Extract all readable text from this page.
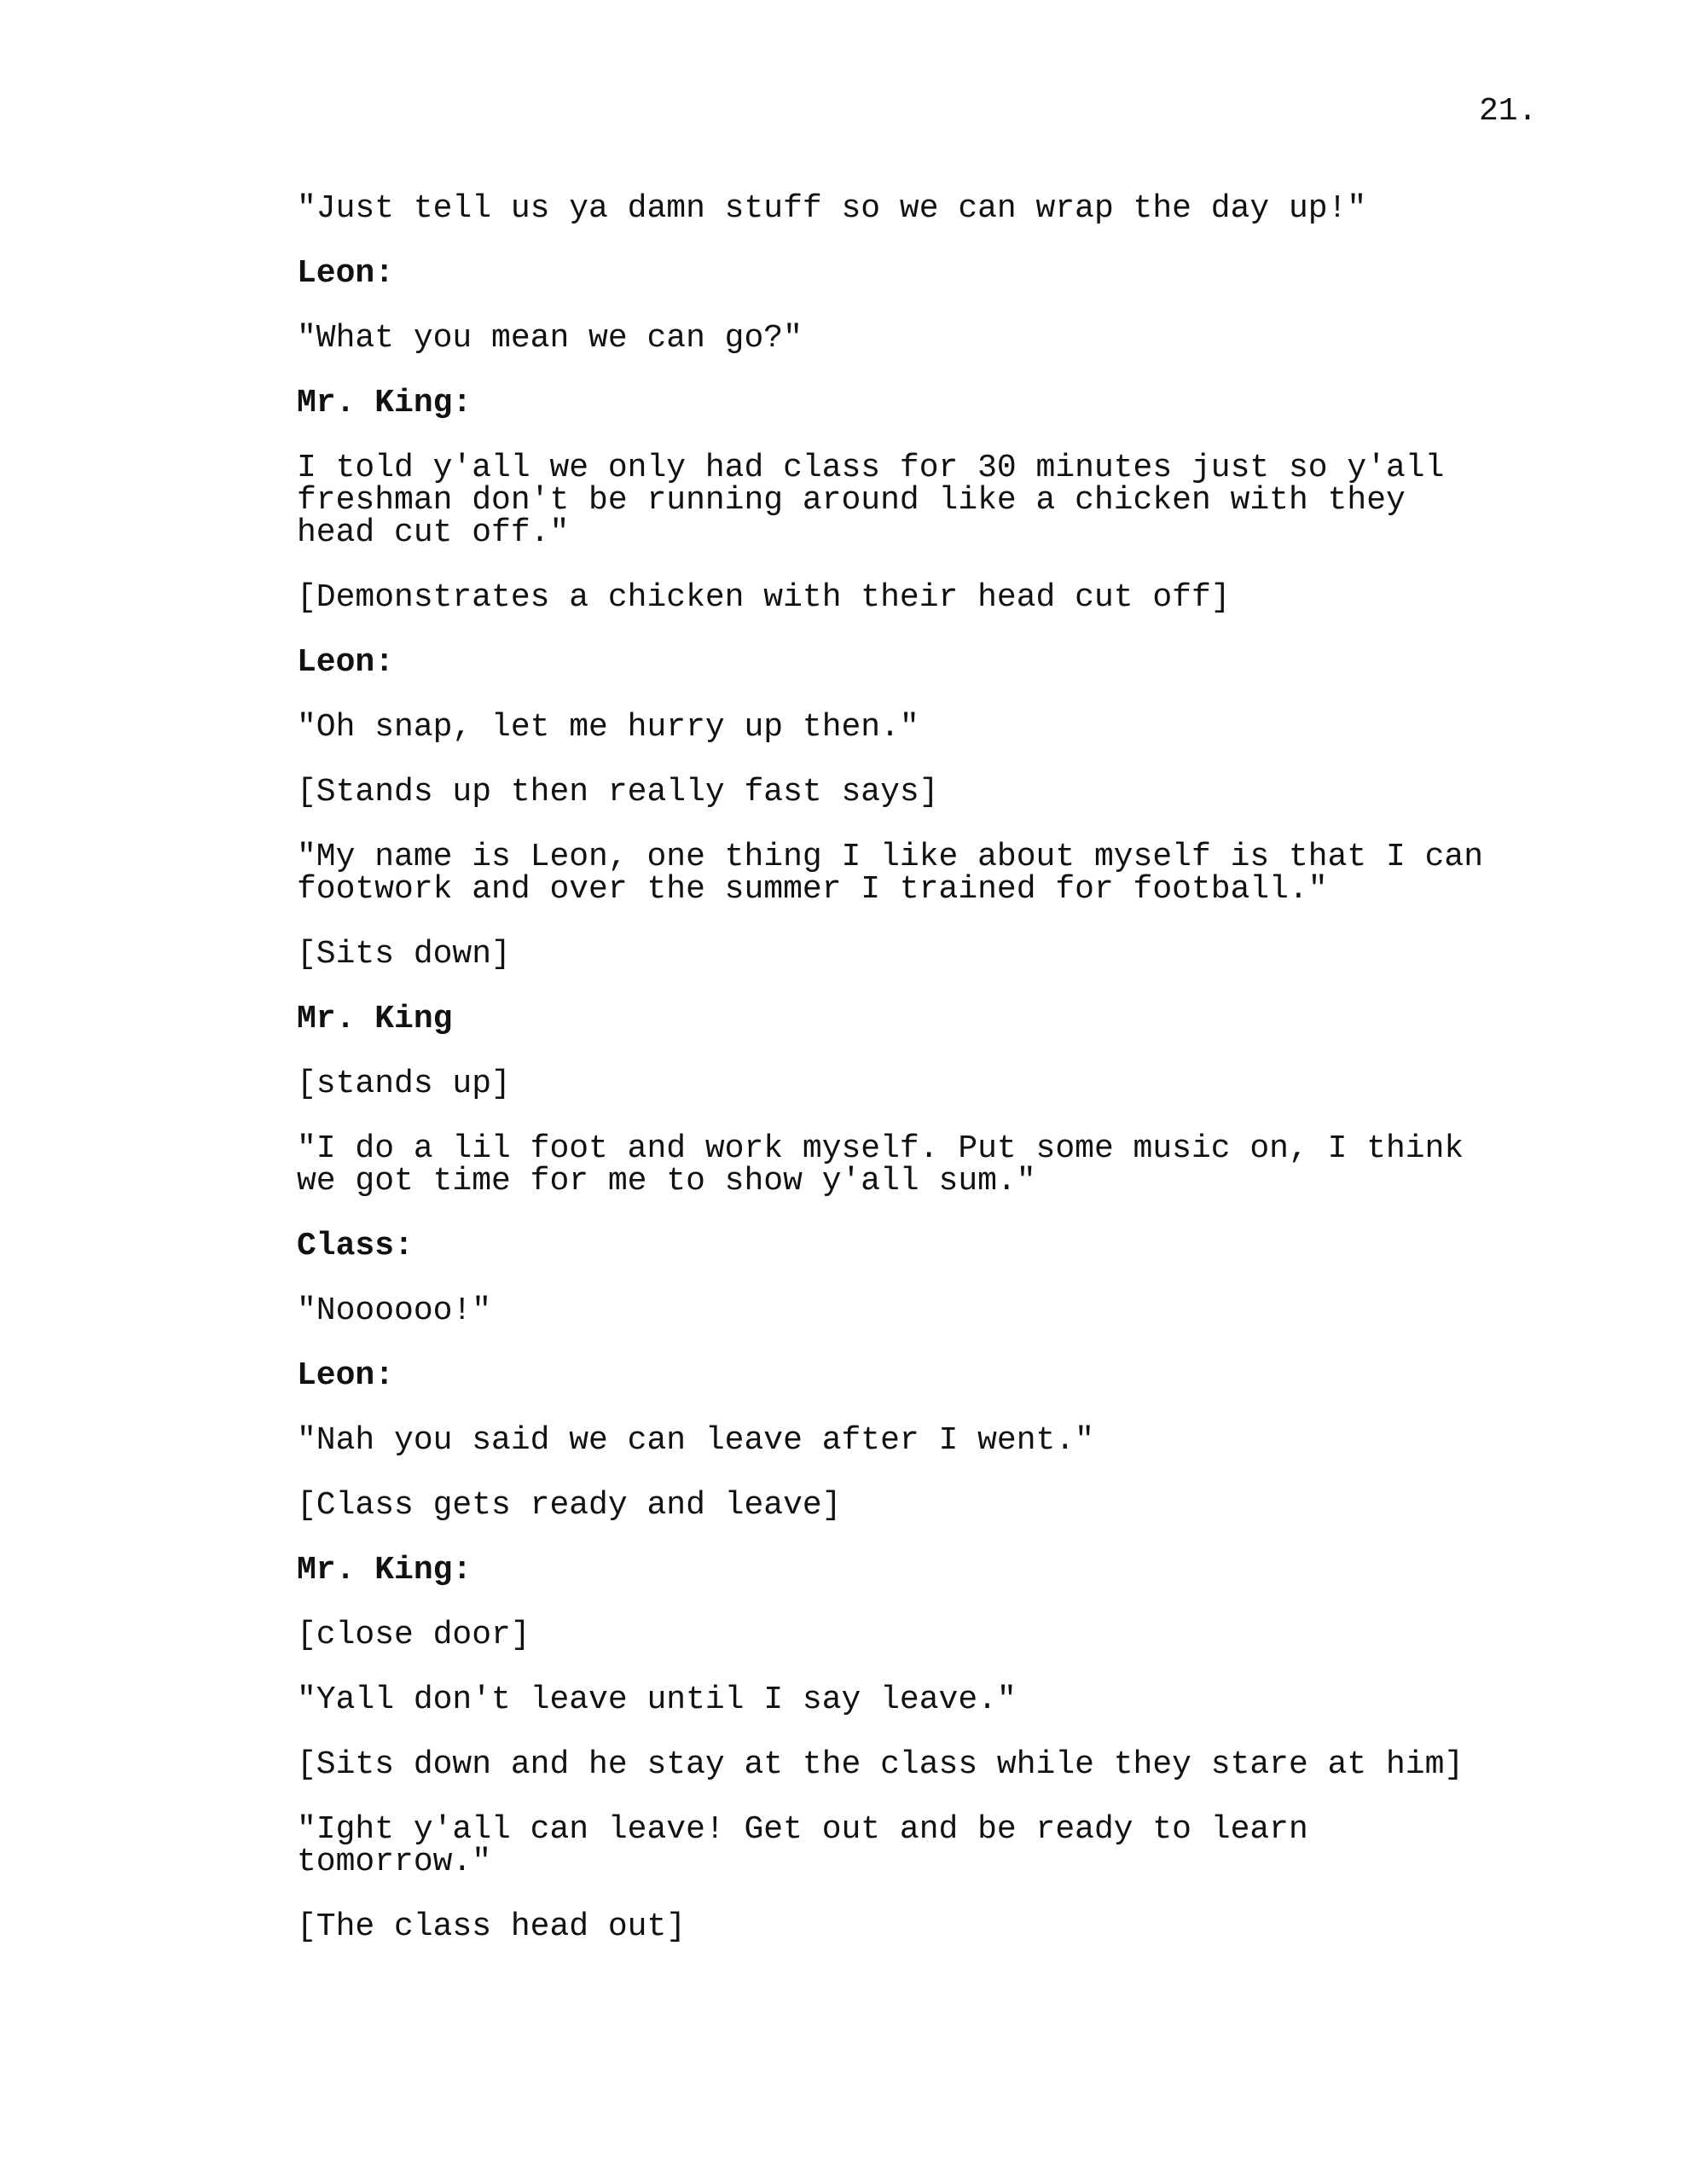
21.
"Just tell us ya damn stuff so we can wrap the day up!"
Leon:
"What you mean we can go?"
Mr. King:
I told y'all we only had class for 30 minutes just so y'all
freshman don't be running around like a chicken with they
head cut off."
[Demonstrates a chicken with their head cut off]
Leon:
"Oh snap, let me hurry up then."
[Stands up then really fast says]
"My name is Leon, one thing I like about myself is that I can
footwork and over the summer I trained for football."
[Sits down]
Mr. King
[stands up]
"I do a lil foot and work myself. Put some music on, I think
we got time for me to show y'all sum."
Class:
"Noooooo!"
Leon:
"Nah you said we can leave after I went."
[Class gets ready and leave]
Mr. King:
[close door]
"Yall don't leave until I say leave."
[Sits down and he stay at the class while they stare at him]
"Ight y'all can leave! Get out and be ready to learn
tomorrow."
[The class head out]
